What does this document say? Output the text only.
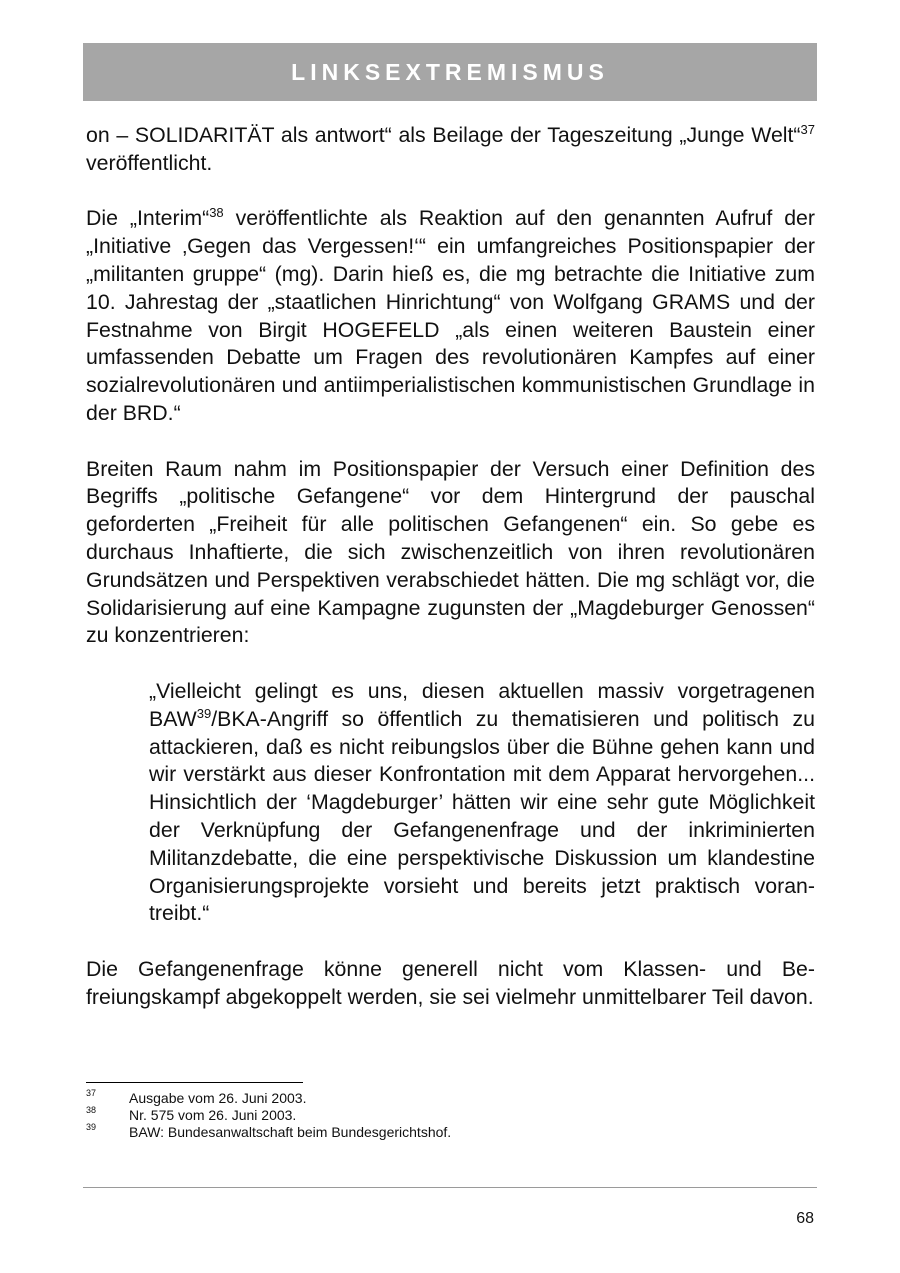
LINKSEXTREMISMUS

on – SOLIDARITÄT als antwort“ als Beilage der Tageszeitung „Junge Welt“$^{37}$ veröffentlicht.

Die „Interim“$^{38}$ veröffentlichte als Reaktion auf den genannten Aufruf der „Initiative ‚Gegen das Vergessen!‘“ ein umfangreiches Positionspapier der „militanten gruppe“ (mg). Darin hieß es, die mg betrachte die Initiative zum 10. Jahrestag der „staatlichen Hinrichtung“ von Wolfgang GRAMS und der Festnahme von Birgit HOGEFELD „als einen weiteren Baustein einer umfassenden Debatte um Fragen des revolutionären Kampfes auf einer sozialrevolutionären und antiimperialistischen kommunistischen Grundlage in der BRD.“

Breiten Raum nahm im Positionspapier der Versuch einer Definition des Begriffs „politische Gefangene“ vor dem Hintergrund der pauschal geforderten „Freiheit für alle politischen Gefangenen“ ein. So gebe es durchaus Inhaftierte, die sich zwischenzeitlich von ihren revolutionären Grundsätzen und Perspektiven verabschiedet hätten. Die mg schlägt vor, die Solidarisierung auf eine Kampagne zugunsten der „Magdeburger Genossen“ zu konzentrieren:

„Vielleicht gelingt es uns, diesen aktuellen massiv vorgetragenen BAW$^{39}$/BKA-Angriff so öffentlich zu thematisieren und politisch zu attackieren, daß es nicht reibungslos über die Bühne gehen kann und wir verstärkt aus dieser Konfrontation mit dem Apparat hervorgehen... Hinsichtlich der ‘Magdeburger’ hätten wir eine sehr gute Möglichkeit der Verknüpfung der Gefangenenfrage und der inkriminierten Militanzdebatte, die eine perspektivische Diskussion um klandestine Organisierungsprojekte vorsieht und bereits jetzt praktisch vorantreibt.“

Die Gefangenenfrage könne generell nicht vom Klassen- und Befreiungskampf abgekoppelt werden, sie sei vielmehr unmittelbarer Teil davon.

37 Ausgabe vom 26. Juni 2003.
38 Nr. 575 vom 26. Juni 2003.
39 BAW: Bundesanwaltschaft beim Bundesgerichtshof.
68
